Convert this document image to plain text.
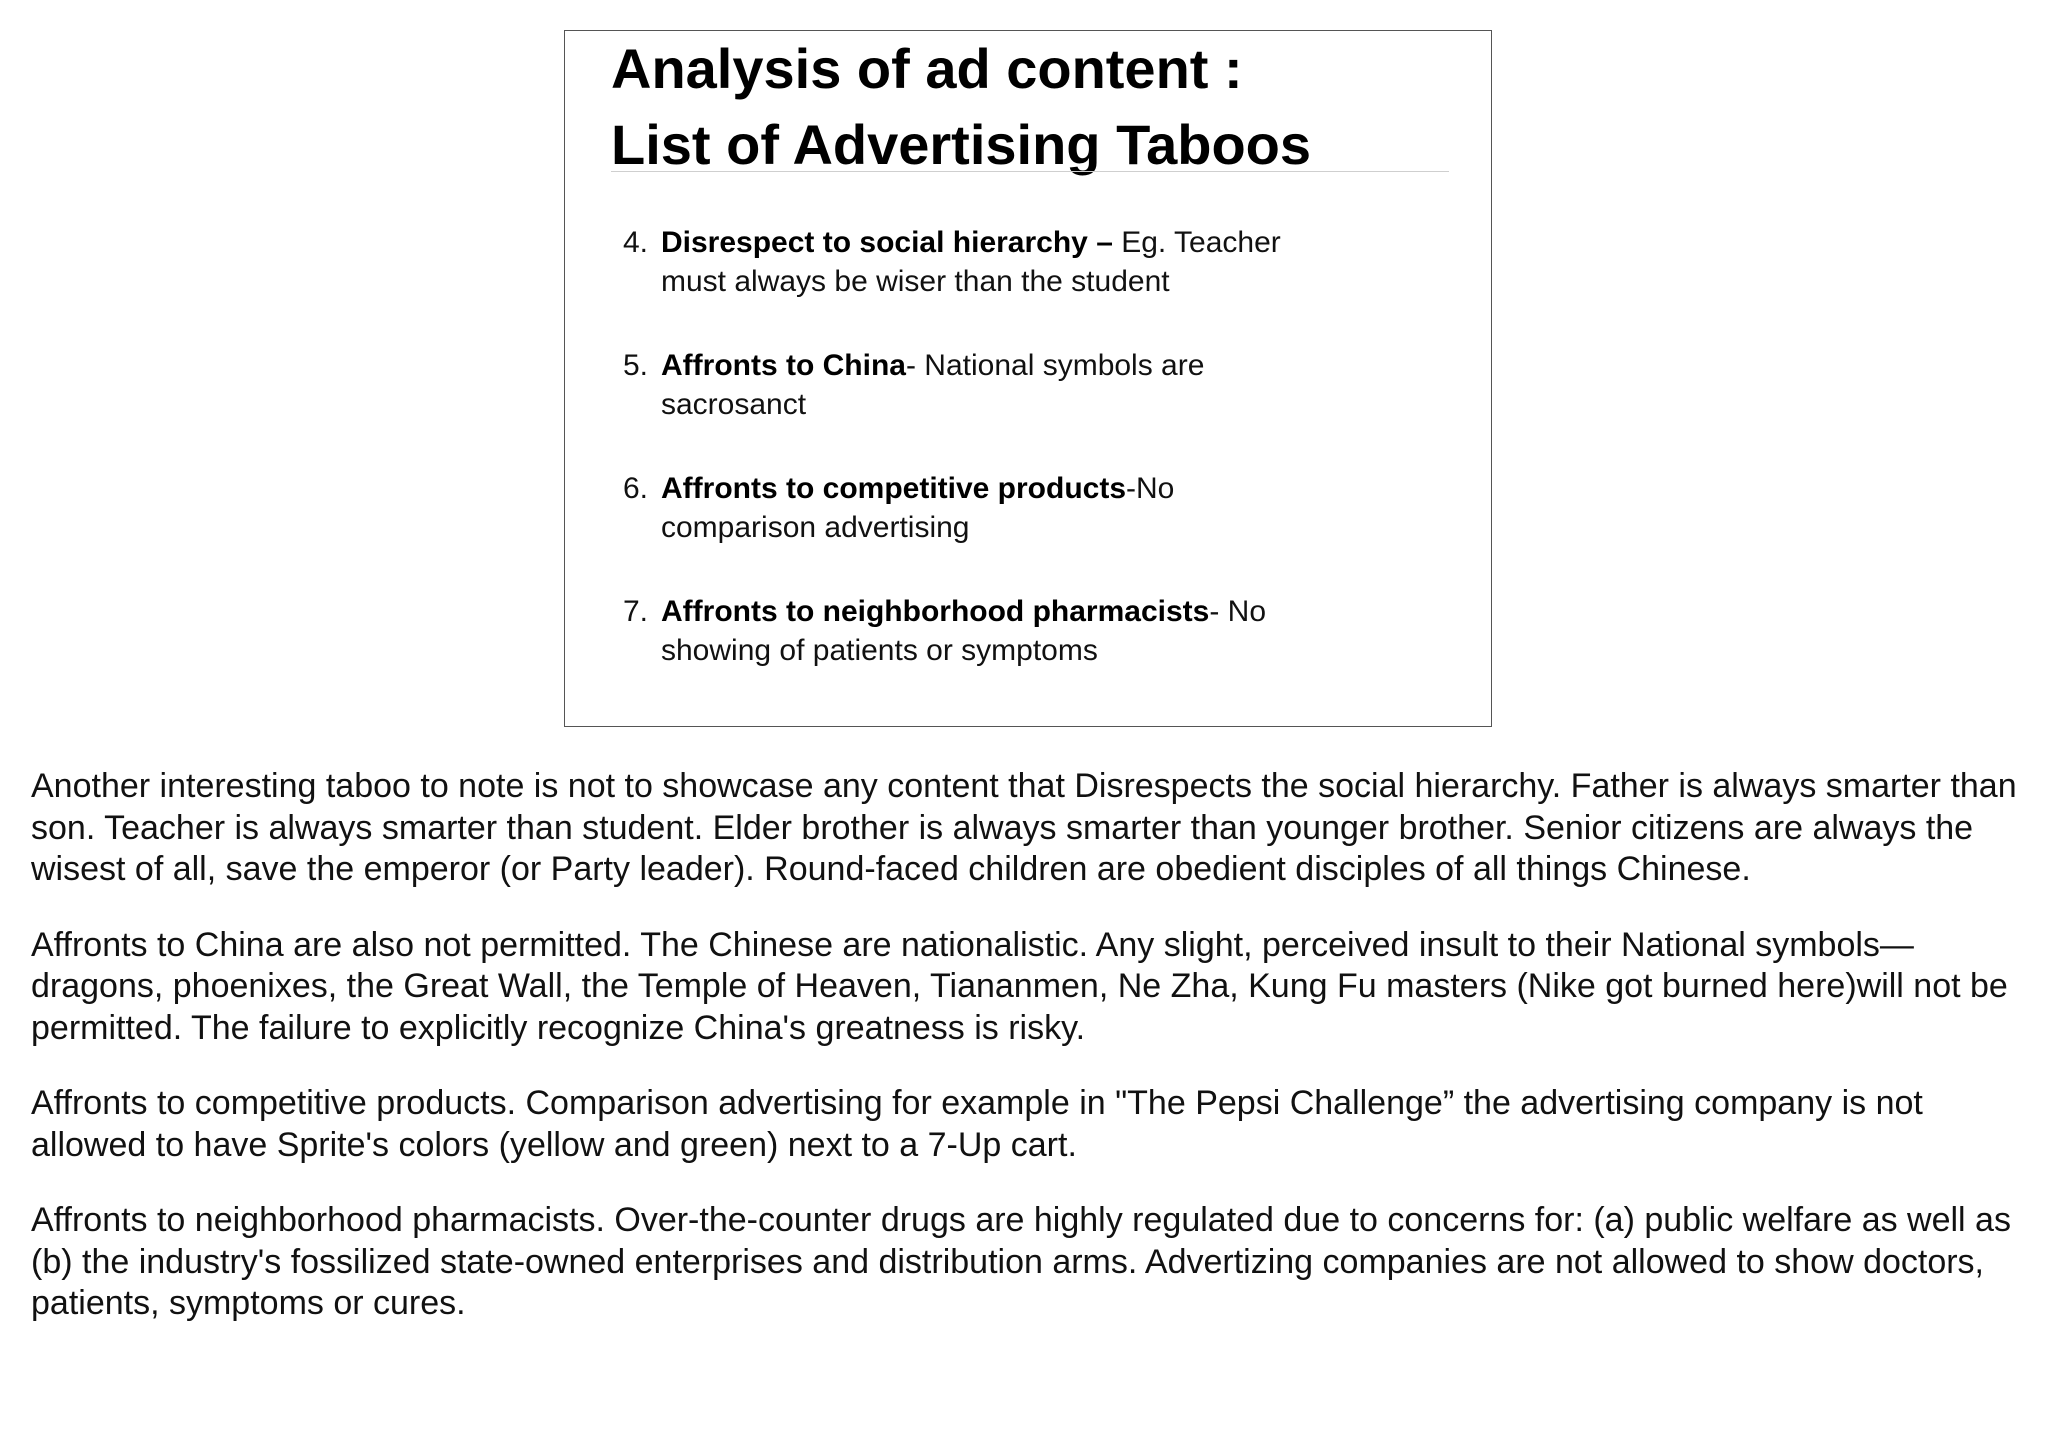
Analysis of ad content :
List of Advertising Taboos
4. Disrespect to social hierarchy – Eg. Teacher
must always be wiser than the student
5. Affronts to China- National symbols are
sacrosanct
6. Affronts to competitive products-No
comparison advertising
7. Affronts to neighborhood pharmacists- No
showing of patients or symptoms

Another interesting taboo to note is not to showcase any content that Disrespects the social hierarchy. Father is always smarter than son. Teacher is always smarter than student. Elder brother is always smarter than younger brother. Senior citizens are always the wisest of all, save the emperor (or Party leader). Round-faced children are obedient disciples of all things Chinese.

Affronts to China are also not permitted. The Chinese are nationalistic. Any slight, perceived insult to their National symbols—dragons, phoenixes, the Great Wall, the Temple of Heaven, Tiananmen, Ne Zha, Kung Fu masters (Nike got burned here)will not be permitted. The failure to explicitly recognize China's greatness is risky.

Affronts to competitive products. Comparison advertising for example in "The Pepsi Challenge” the advertising company is not allowed to have Sprite's colors (yellow and green) next to a 7-Up cart.

Affronts to neighborhood pharmacists. Over-the-counter drugs are highly regulated due to concerns for: (a) public welfare as well as (b) the industry's fossilized state-owned enterprises and distribution arms. Advertizing companies are not allowed to show doctors, patients, symptoms or cures.
